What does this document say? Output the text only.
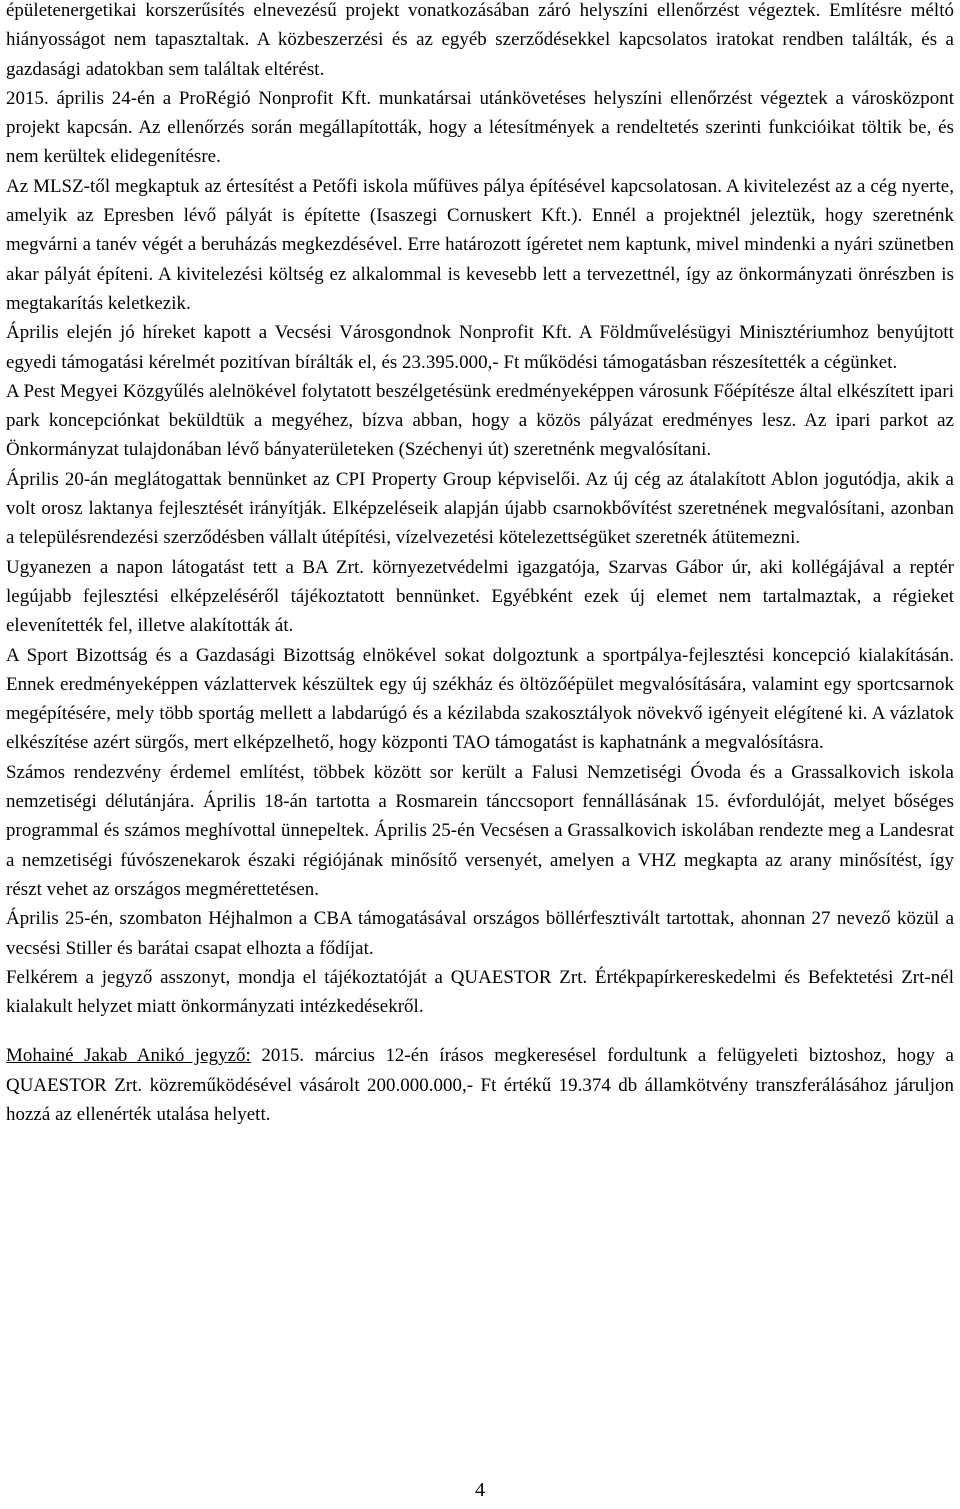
épületenergetikai korszerűsítés elnevezésű projekt vonatkozásában záró helyszíni ellenőrzést végeztek. Említésre méltó hiányosságot nem tapasztaltak. A közbeszerzési és az egyéb szerződésekkel kapcsolatos iratokat rendben találták, és a gazdasági adatokban sem találtak eltérést.

2015. április 24-én a ProRégió Nonprofit Kft. munkatársai utánkövetéses helyszíni ellenőrzést végeztek a városközpont projekt kapcsán. Az ellenőrzés során megállapították, hogy a létesítmények a rendeltetés szerinti funkcióikat töltik be, és nem kerültek elidegenítésre.

Az MLSZ-től megkaptuk az értesítést a Petőfi iskola műfüves pálya építésével kapcsolatosan. A kivitelezést az a cég nyerte, amelyik az Epresben lévő pályát is építette (Isaszegi Cornuskert Kft.). Ennél a projektnél jeleztük, hogy szeretnénk megvárni a tanév végét a beruházás megkezdésével. Erre határozott ígéretet nem kaptunk, mivel mindenki a nyári szünetben akar pályát építeni. A kivitelezési költség ez alkalommal is kevesebb lett a tervezettnél, így az önkormányzati önrészben is megtakarítás keletkezik.

Április elején jó híreket kapott a Vecsési Városgondnok Nonprofit Kft. A Földművelésügyi Minisztériumhoz benyújtott egyedi támogatási kérelmét pozitívan bírálták el, és 23.395.000,- Ft működési támogatásban részesítették a cégünket.

A Pest Megyei Közgyűlés alelnökével folytatott beszélgetésünk eredményeképpen városunk Főépítésze által elkészített ipari park koncepciónkat beküldtük a megyéhez, bízva abban, hogy a közös pályázat eredményes lesz. Az ipari parkot az Önkormányzat tulajdonában lévő bányaterületeken (Széchenyi út) szeretnénk megvalósítani.

Április 20-án meglátogattak bennünket az CPI Property Group képviselői. Az új cég az átalakított Ablon jogutódja, akik a volt orosz laktanya fejlesztését irányítják. Elképzeléseik alapján újabb csarnokbővítést szeretnének megvalósítani, azonban a településrendezési szerződésben vállalt útépítési, vízelvezetési kötelezettségüket szeretnék átütemezni.

Ugyanezen a napon látogatást tett a BA Zrt. környezetvédelmi igazgatója, Szarvas Gábor úr, aki kollégájával a reptér legújabb fejlesztési elképzeléséről tájékoztatott bennünket. Egyébként ezek új elemet nem tartalmaztak, a régieket elevenítették fel, illetve alakították át.

A Sport Bizottság és a Gazdasági Bizottság elnökével sokat dolgoztunk a sportpálya-fejlesztési koncepció kialakításán. Ennek eredményeképpen vázlattervek készültek egy új székház és öltözőépület megvalósítására, valamint egy sportcsarnok megépítésére, mely több sportág mellett a labdarúgó és a kézilabda szakosztályok növekvő igényeit elégítené ki. A vázlatok elkészítése azért sürgős, mert elképzelhető, hogy központi TAO támogatást is kaphatnánk a megvalósításra.

Számos rendezvény érdemel említést, többek között sor került a Falusi Nemzetiségi Óvoda és a Grassalkovich iskola nemzetiségi délutánjára. Április 18-án tartotta a Rosmarein tánccsoport fennállásának 15. évfordulóját, melyet bőséges programmal és számos meghívottal ünnepeltek. Április 25-én Vecsésen a Grassalkovich iskolában rendezte meg a Landesrat a nemzetiségi fúvószenekarok északi régiójának minősítő versenyét, amelyen a VHZ megkapta az arany minősítést, így részt vehet az országos megmérettetésen.

Április 25-én, szombaton Héjhalmon a CBA támogatásával országos böllérfesztivált tartottak, ahonnan 27 nevező közül a vecsési Stiller és barátai csapat elhozta a fődíjat.

Felkérem a jegyző asszonyt, mondja el tájékoztatóját a QUAESTOR Zrt. Értékpapírkereskedelmi és Befektetési Zrt-nél kialakult helyzet miatt önkormányzati intézkedésekről.

Mohainé Jakab Anikó jegyző: 2015. március 12-én írásos megkeresésel fordultunk a felügyeleti biztoshoz, hogy a QUAESTOR Zrt. közreműködésével vásárolt 200.000.000,- Ft értékű 19.374 db államkötvény transzferálásához járuljon hozzá az ellenérték utalása helyett.

4
